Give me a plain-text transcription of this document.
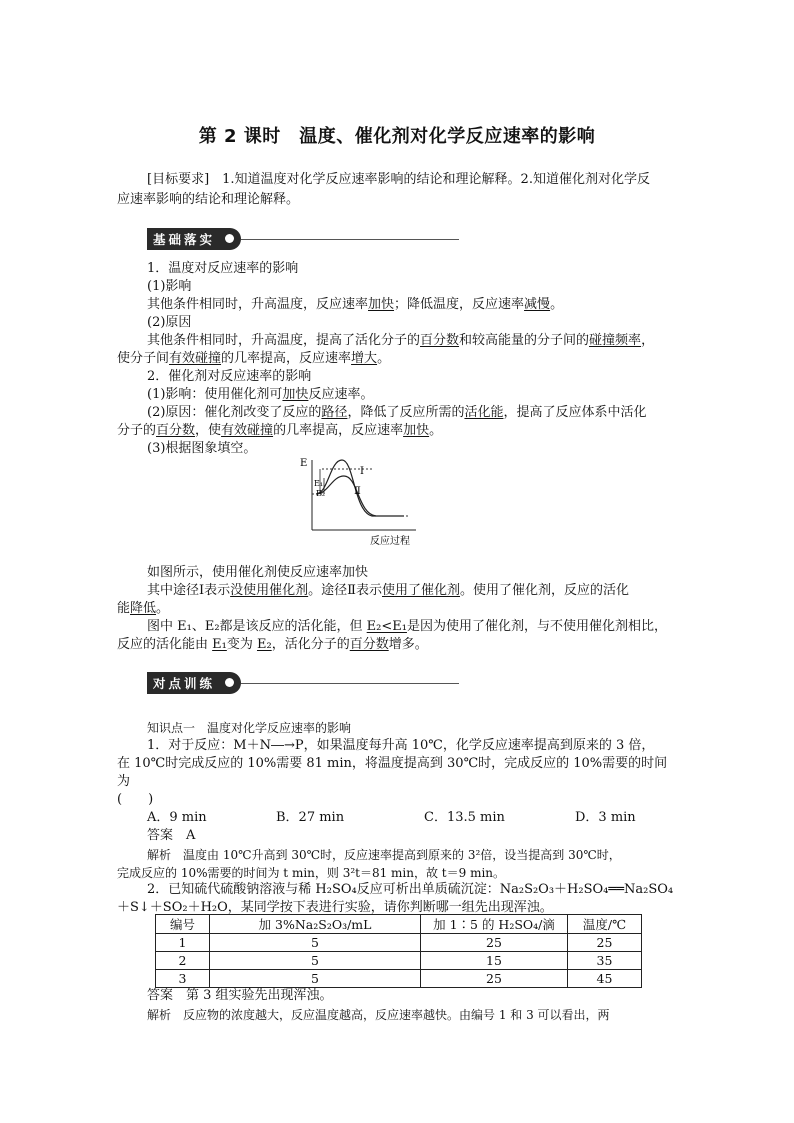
第 2 课时　温度、催化剂对化学反应速率的影响
[目标要求]　1.知道温度对化学反应速率影响的结论和理论解释。2.知道催化剂对化学反
应速率影响的结论和理论解释。
基础落实
1．温度对反应速率的影响
(1)影响
其他条件相同时，升高温度，反应速率加快；降低温度，反应速率减慢。
(2)原因
其他条件相同时，升高温度，提高了活化分子的百分数和较高能量的分子间的碰撞频率，
使分子间有效碰撞的几率提高，反应速率增大。
2．催化剂对反应速率的影响
(1)影响：使用催化剂可加快反应速率。
(2)原因：催化剂改变了反应的路径，降低了反应所需的活化能，提高了反应体系中活化
分子的百分数，使有效碰撞的几率提高，反应速率加快。
(3)根据图象填空。
E
反应过程
E₁
E₂
Ⅰ
Ⅱ
如图所示，使用催化剂使反应速率加快
其中途径Ⅰ表示没使用催化剂。途径Ⅱ表示使用了催化剂。使用了催化剂，反应的活化
能降低。
图中 E₁、E₂都是该反应的活化能，但 E₂<E₁是因为使用了催化剂，与不使用催化剂相比，
反应的活化能由 E₁变为 E₂，活化分子的百分数增多。
对点训练
知识点一　温度对化学反应速率的影响
1．对于反应：M＋N―→P，如果温度每升高 10℃，化学反应速率提高到原来的 3 倍，
在 10℃时完成反应的 10%需要 81 min，将温度提高到 30℃时，完成反应的 10%需要的时间
为
(　　)
A．9 min	B．27 min	C．13.5 min	D．3 min
答案　A
解析　温度由 10℃升高到 30℃时，反应速率提高到原来的 3²倍，设当提高到 30℃时，
完成反应的 10%需要的时间为 t min，则 3²t＝81 min，故 t＝9 min。
2．已知硫代硫酸钠溶液与稀 H₂SO₄反应可析出单质硫沉淀：Na₂S₂O₃＋H₂SO₄══Na₂SO₄
＋S↓＋SO₂＋H₂O，某同学按下表进行实验，请你判断哪一组先出现浑浊。
编号	加 3%Na₂S₂O₃/mL	加 1∶5 的 H₂SO₄/滴	温度/℃
1	5	25	25
2	5	15	35
3	5	25	45
答案　第 3 组实验先出现浑浊。
解析　反应物的浓度越大，反应温度越高，反应速率越快。由编号 1 和 3 可以看出，两
